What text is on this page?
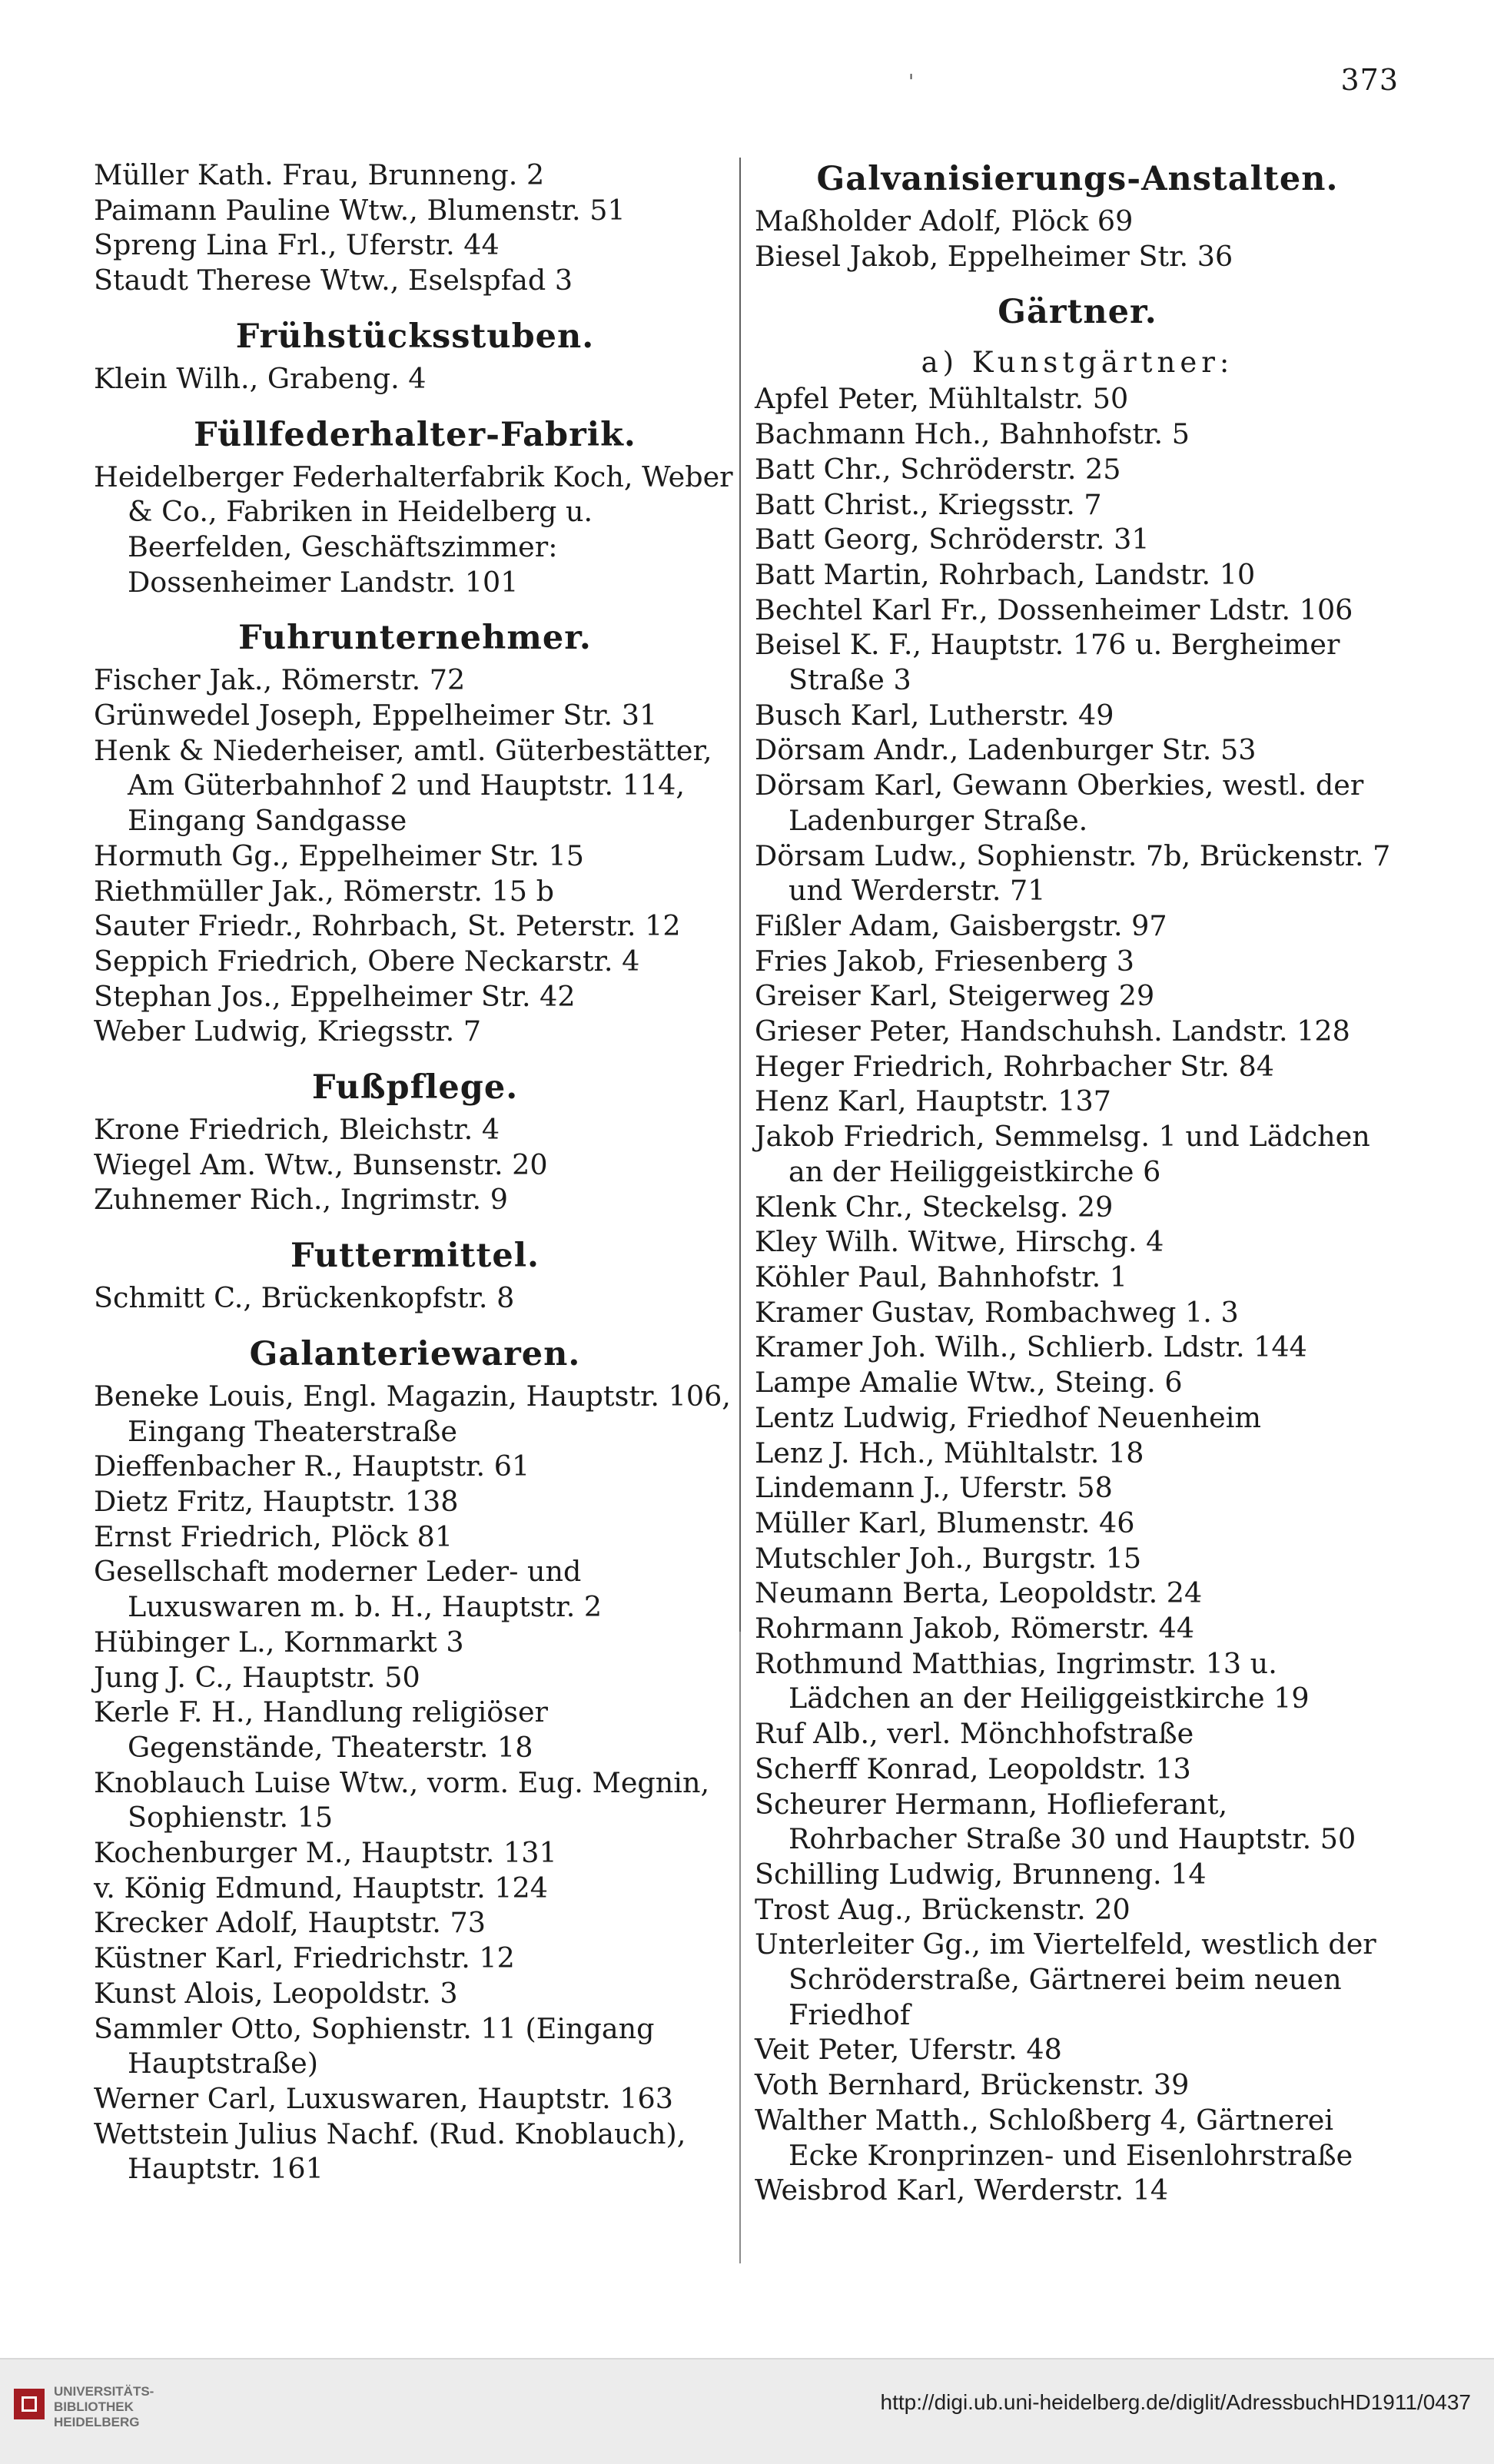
373
'
Müller Kath. Frau, Brunneng. 2
Paimann Pauline Wtw., Blumenstr. 51
Spreng Lina Frl., Uferstr. 44
Staudt Therese Wtw., Eselspfad 3
Frühstücksstuben.
Klein Wilh., Grabeng. 4
Füllfederhalter-Fabrik.
Heidelberger Federhalterfabrik Koch, Weber & Co., Fabriken in Heidelberg u. Beerfelden, Geschäftszimmer: Dossenheimer Landstr. 101
Fuhrunternehmer.
Fischer Jak., Römerstr. 72
Grünwedel Joseph, Eppelheimer Str. 31
Henk & Niederheiser, amtl. Güterbestätter, Am Güterbahnhof 2 und Hauptstr. 114, Eingang Sandgasse
Hormuth Gg., Eppelheimer Str. 15
Riethmüller Jak., Römerstr. 15 b
Sauter Friedr., Rohrbach, St. Peterstr. 12
Seppich Friedrich, Obere Neckarstr. 4
Stephan Jos., Eppelheimer Str. 42
Weber Ludwig, Kriegsstr. 7
Fußpflege.
Krone Friedrich, Bleichstr. 4
Wiegel Am. Wtw., Bunsenstr. 20
Zuhnemer Rich., Ingrimstr. 9
Futtermittel.
Schmitt C., Brückenkopfstr. 8
Galanteriewaren.
Beneke Louis, Engl. Magazin, Hauptstr. 106, Eingang Theaterstraße
Dieffenbacher R., Hauptstr. 61
Dietz Fritz, Hauptstr. 138
Ernst Friedrich, Plöck 81
Gesellschaft moderner Leder- und Luxuswaren m. b. H., Hauptstr. 2
Hübinger L., Kornmarkt 3
Jung J. C., Hauptstr. 50
Kerle F. H., Handlung religiöser Gegenstände, Theaterstr. 18
Knoblauch Luise Wtw., vorm. Eug. Megnin, Sophienstr. 15
Kochenburger M., Hauptstr. 131
v. König Edmund, Hauptstr. 124
Krecker Adolf, Hauptstr. 73
Küstner Karl, Friedrichstr. 12
Kunst Alois, Leopoldstr. 3
Sammler Otto, Sophienstr. 11 (Eingang Hauptstraße)
Werner Carl, Luxuswaren, Hauptstr. 163
Wettstein Julius Nachf. (Rud. Knoblauch), Hauptstr. 161
Galvanisierungs-Anstalten.
Maßholder Adolf, Plöck 69
Biesel Jakob, Eppelheimer Str. 36
Gärtner.
a) Kunstgärtner:
Apfel Peter, Mühltalstr. 50
Bachmann Hch., Bahnhofstr. 5
Batt Chr., Schröderstr. 25
Batt Christ., Kriegsstr. 7
Batt Georg, Schröderstr. 31
Batt Martin, Rohrbach, Landstr. 10
Bechtel Karl Fr., Dossenheimer Ldstr. 106
Beisel K. F., Hauptstr. 176 u. Bergheimer Straße 3
Busch Karl, Lutherstr. 49
Dörsam Andr., Ladenburger Str. 53
Dörsam Karl, Gewann Oberkies, westl. der Ladenburger Straße.
Dörsam Ludw., Sophienstr. 7b, Brückenstr. 7 und Werderstr. 71
Fißler Adam, Gaisbergstr. 97
Fries Jakob, Friesenberg 3
Greiser Karl, Steigerweg 29
Grieser Peter, Handschuhsh. Landstr. 128
Heger Friedrich, Rohrbacher Str. 84
Henz Karl, Hauptstr. 137
Jakob Friedrich, Semmelsg. 1 und Lädchen an der Heiliggeistkirche 6
Klenk Chr., Steckelsg. 29
Kley Wilh. Witwe, Hirschg. 4
Köhler Paul, Bahnhofstr. 1
Kramer Gustav, Rombachweg 1. 3
Kramer Joh. Wilh., Schlierb. Ldstr. 144
Lampe Amalie Wtw., Steing. 6
Lentz Ludwig, Friedhof Neuenheim
Lenz J. Hch., Mühltalstr. 18
Lindemann J., Uferstr. 58
Müller Karl, Blumenstr. 46
Mutschler Joh., Burgstr. 15
Neumann Berta, Leopoldstr. 24
Rohrmann Jakob, Römerstr. 44
Rothmund Matthias, Ingrimstr. 13 u. Lädchen an der Heiliggeistkirche 19
Ruf Alb., verl. Mönchhofstraße
Scherff Konrad, Leopoldstr. 13
Scheurer Hermann, Hoflieferant, Rohrbacher Straße 30 und Hauptstr. 50
Schilling Ludwig, Brunneng. 14
Trost Aug., Brückenstr. 20
Unterleiter Gg., im Viertelfeld, westlich der Schröderstraße, Gärtnerei beim neuen Friedhof
Veit Peter, Uferstr. 48
Voth Bernhard, Brückenstr. 39
Walther Matth., Schloßberg 4, Gärtnerei Ecke Kronprinzen- und Eisenlohrstraße
Weisbrod Karl, Werderstr. 14
UNIVERSITÄTS-
BIBLIOTHEK
HEIDELBERG
http://digi.ub.uni-heidelberg.de/diglit/AdressbuchHD1911/0437
